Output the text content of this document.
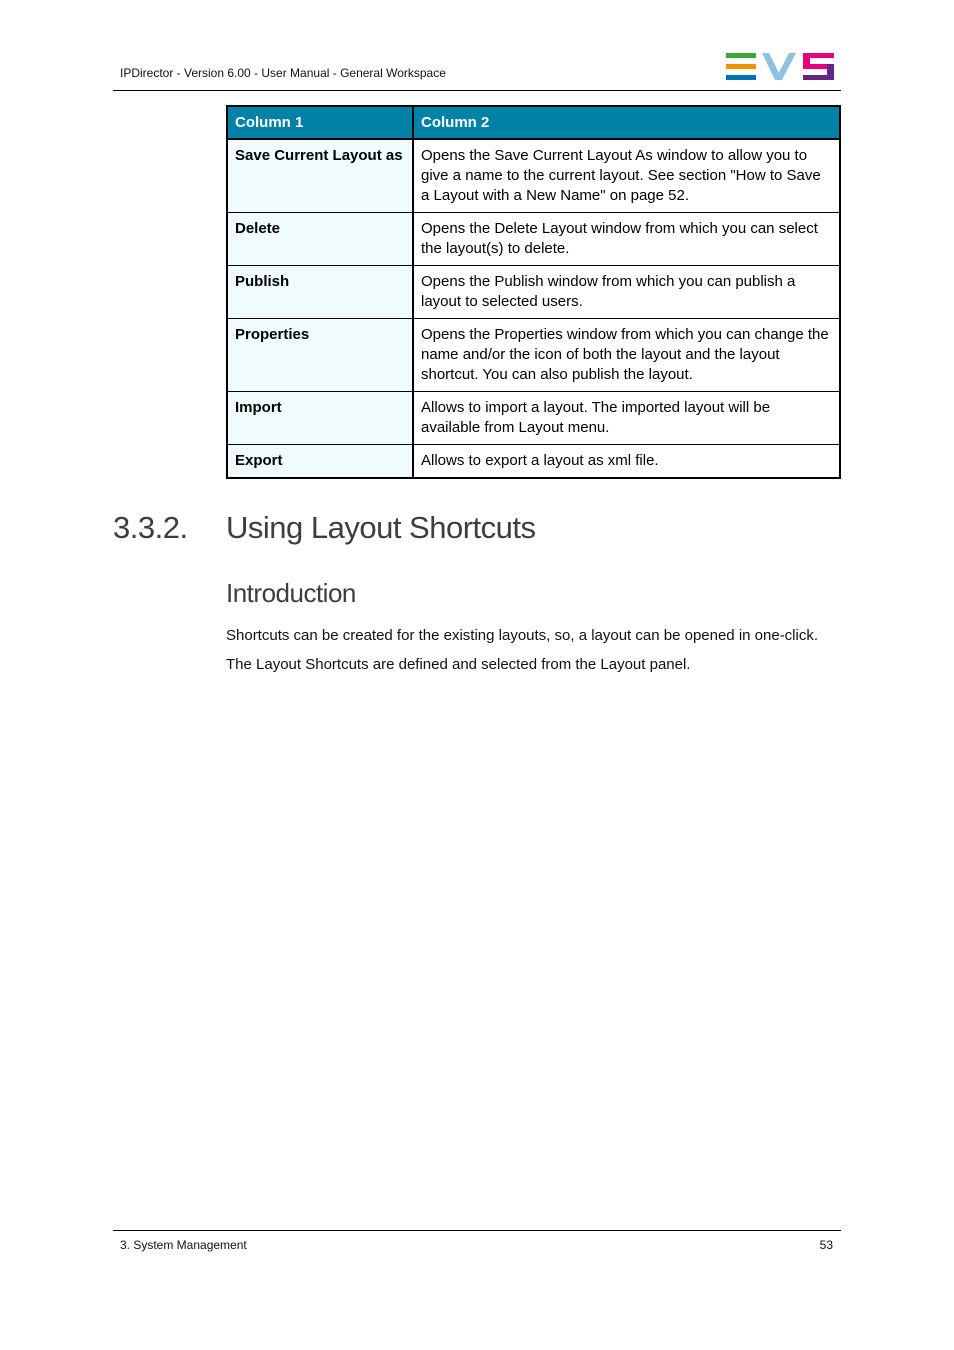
IPDirector - Version 6.00 - User Manual - General Workspace
Column 1	Column 2
Save Current Layout as	Opens the Save Current Layout As window to allow you to give a name to the current layout. See section "How to Save a Layout with a New Name" on page 52.
Delete	Opens the Delete Layout window from which you can select the layout(s) to delete.
Publish	Opens the Publish window from which you can publish a layout to selected users.
Properties	Opens the Properties window from which you can change the name and/or the icon of both the layout and the layout shortcut. You can also publish the layout.
Import	Allows to import a layout. The imported layout will be available from Layout menu.
Export	Allows to export a layout as xml file.
3.3.2. Using Layout Shortcuts
Introduction

Shortcuts can be created for the existing layouts, so, a layout can be opened in one-click.

The Layout Shortcuts are defined and selected from the Layout panel.

3. System Management	53
